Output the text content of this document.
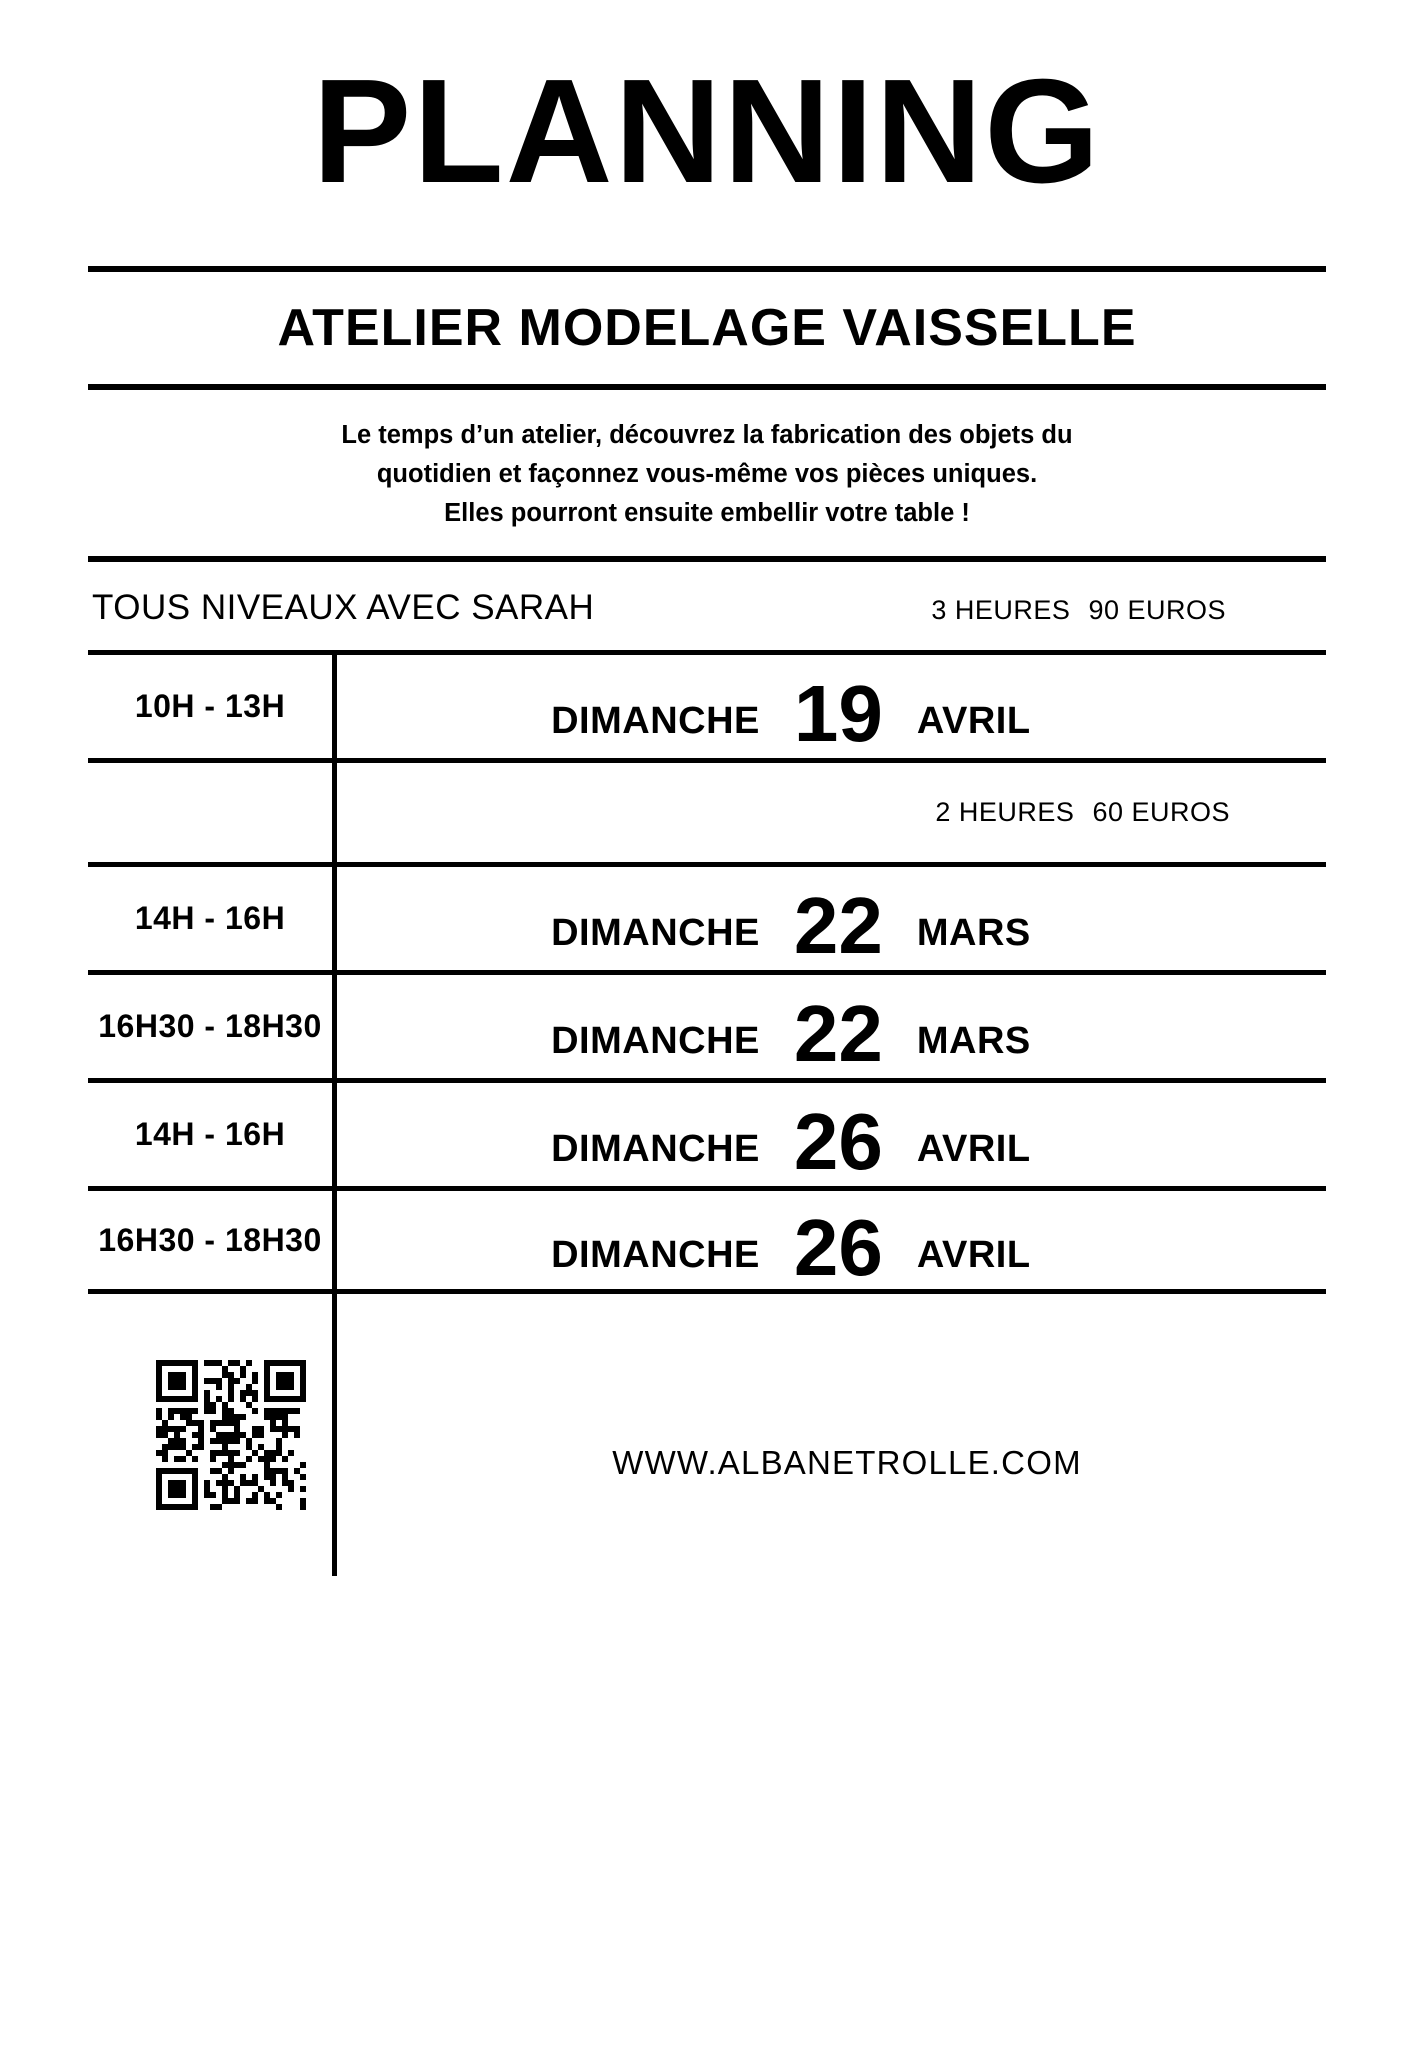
PLANNING
ATELIER MODELAGE VAISSELLE
Le temps d’un atelier, découvrez la fabrication des objets du
quotidien et façonnez vous-même vos pièces uniques.
Elles pourront ensuite embellir votre table !
TOUS NIVEAUX AVEC SARAH	3 HEURES 90 EUROS
10H - 13H	DIMANCHE 19 AVRIL
2 HEURES 60 EUROS
14H - 16H	DIMANCHE 22 MARS
16H30 - 18H30	DIMANCHE 22 MARS
14H - 16H	DIMANCHE 26 AVRIL
16H30 - 18H30	DIMANCHE 26 AVRIL
WWW.ALBANETROLLE.COM
